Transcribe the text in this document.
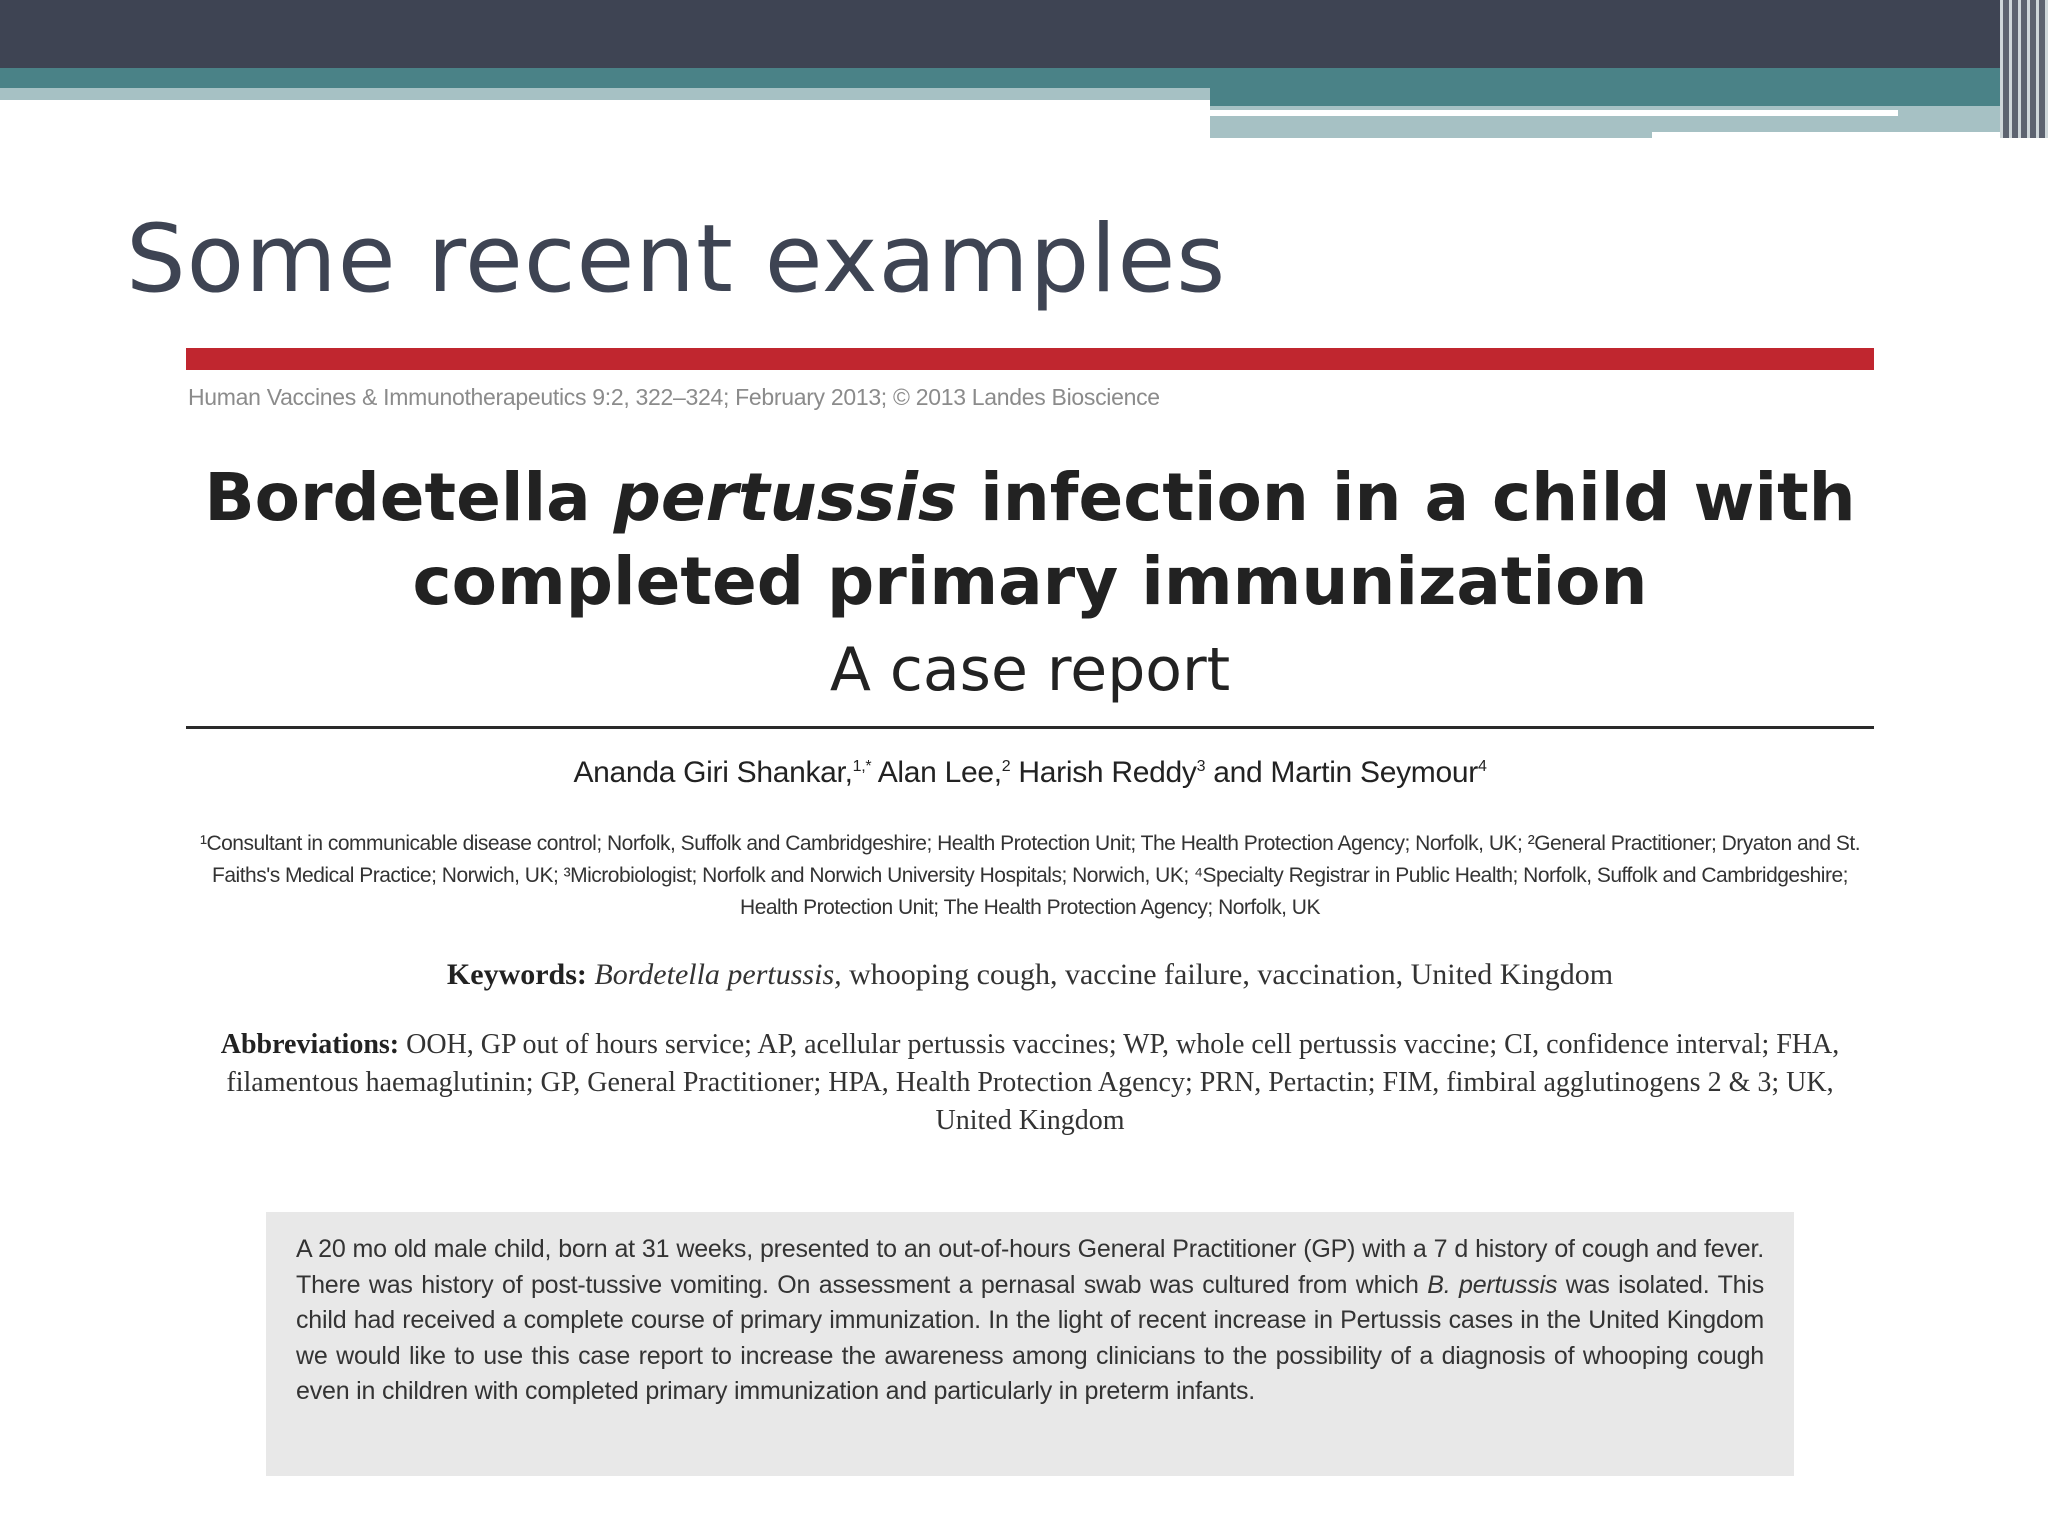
Some recent examples

Human Vaccines & Immunotherapeutics 9:2, 322–324; February 2013; © 2013 Landes Bioscience

Bordetella pertussis infection in a child with completed primary immunization

A case report

Ananda Giri Shankar,$^{1,*}$ Alan Lee,$^2$ Harish Reddy$^3$ and Martin Seymour$^4$

¹Consultant in communicable disease control; Norfolk, Suffolk and Cambridgeshire; Health Protection Unit; The Health Protection Agency; Norfolk, UK; ²General Practitioner; Dryaton and St. Faiths's Medical Practice; Norwich, UK; ³Microbiologist; Norfolk and Norwich University Hospitals; Norwich, UK; ⁴Specialty Registrar in Public Health; Norfolk, Suffolk and Cambridgeshire; Health Protection Unit; The Health Protection Agency; Norfolk, UK

Keywords: Bordetella pertussis, whooping cough, vaccine failure, vaccination, United Kingdom

Abbreviations: OOH, GP out of hours service; AP, acellular pertussis vaccines; WP, whole cell pertussis vaccine; CI, confidence interval; FHA, filamentous haemaglutinin; GP, General Practitioner; HPA, Health Protection Agency; PRN, Pertactin; FIM, fimbiral agglutinogens 2 & 3; UK, United Kingdom

A 20 mo old male child, born at 31 weeks, presented to an out-of-hours General Practitioner (GP) with a 7 d history of cough and fever. There was history of post-tussive vomiting. On assessment a pernasal swab was cultured from which B. pertussis was isolated. This child had received a complete course of primary immunization. In the light of recent increase in Pertussis cases in the United Kingdom we would like to use this case report to increase the awareness among clinicians to the possibility of a diagnosis of whooping cough even in children with completed primary immunization and particularly in preterm infants.
